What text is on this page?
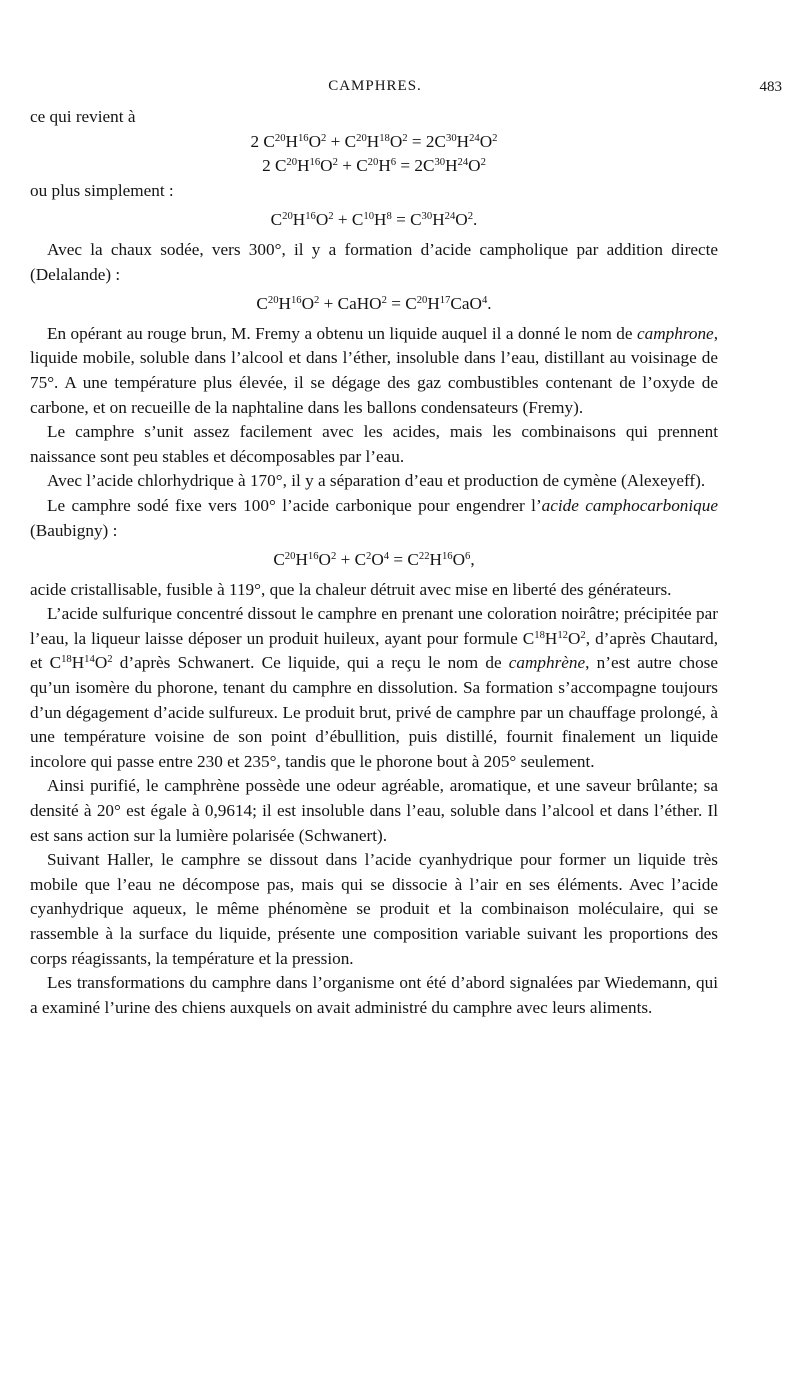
CAMPHRES.	483

ce qui revient à

2 $C^{20}H^{16}O^2 + C^{20}H^{18}O^2 = 2C^{30}H^{24}O^2$

2 $C^{20}H^{16}O^2 + C^{20}H^6 = 2C^{30}H^{24}O^2$

ou plus simplement :

$C^{20}H^{16}O^2 + C^{10}H^8 = C^{30}H^{24}O^2$.

Avec la chaux sodée, vers 300°, il y a formation d’acide campholique par addition directe (Delalande) :

$C^{20}H^{16}O^2$ + CaHO$^2$ = $C^{20}H^{17}CaO^4$.

En opérant au rouge brun, M. Fremy a obtenu un liquide auquel il a donné le nom de camphrone, liquide mobile, soluble dans l’alcool et dans l’éther, insoluble dans l’eau, distillant au voisinage de 75°. A une température plus élevée, il se dégage des gaz combustibles contenant de l’oxyde de carbone, et on recueille de la naphtaline dans les ballons condensateurs (Fremy).

Le camphre s’unit assez facilement avec les acides, mais les combinaisons qui prennent naissance sont peu stables et décomposables par l’eau.

Avec l’acide chlorhydrique à 170°, il y a séparation d’eau et production de cymène (Alexeyeff).

Le camphre sodé fixe vers 100° l’acide carbonique pour engendrer l’acide camphocarbonique (Baubigny) :

$C^{20}H^{16}O^2 + C^2O^4 = C^{22}H^{16}O^6$,

acide cristallisable, fusible à 119°, que la chaleur détruit avec mise en liberté des générateurs.

L’acide sulfurique concentré dissout le camphre en prenant une coloration noirâtre; précipitée par l’eau, la liqueur laisse déposer un produit huileux, ayant pour formule $C^{18}H^{12}O^2$, d’après Chautard, et $C^{18}H^{14}O^2$ d’après Schwanert. Ce liquide, qui a reçu le nom de camphrène, n’est autre chose qu’un isomère du phorone, tenant du camphre en dissolution. Sa formation s’accompagne toujours d’un dégagement d’acide sulfureux. Le produit brut, privé de camphre par un chauffage prolongé, à une température voisine de son point d’ébullition, puis distillé, fournit finalement un liquide incolore qui passe entre 230 et 235°, tandis que le phorone bout à 205° seulement.

Ainsi purifié, le camphrène possède une odeur agréable, aromatique, et une saveur brûlante; sa densité à 20° est égale à 0,9614; il est insoluble dans l’eau, soluble dans l’alcool et dans l’éther. Il est sans action sur la lumière polarisée (Schwanert).

Suivant Haller, le camphre se dissout dans l’acide cyanhydrique pour former un liquide très mobile que l’eau ne décompose pas, mais qui se dissocie à l’air en ses éléments. Avec l’acide cyanhydrique aqueux, le même phénomène se produit et la combinaison moléculaire, qui se rassemble à la surface du liquide, présente une composition variable suivant les proportions des corps réagissants, la température et la pression.

Les transformations du camphre dans l’organisme ont été d’abord signalées par Wiedemann, qui a examiné l’urine des chiens auxquels on avait administré du camphre avec leurs aliments.
